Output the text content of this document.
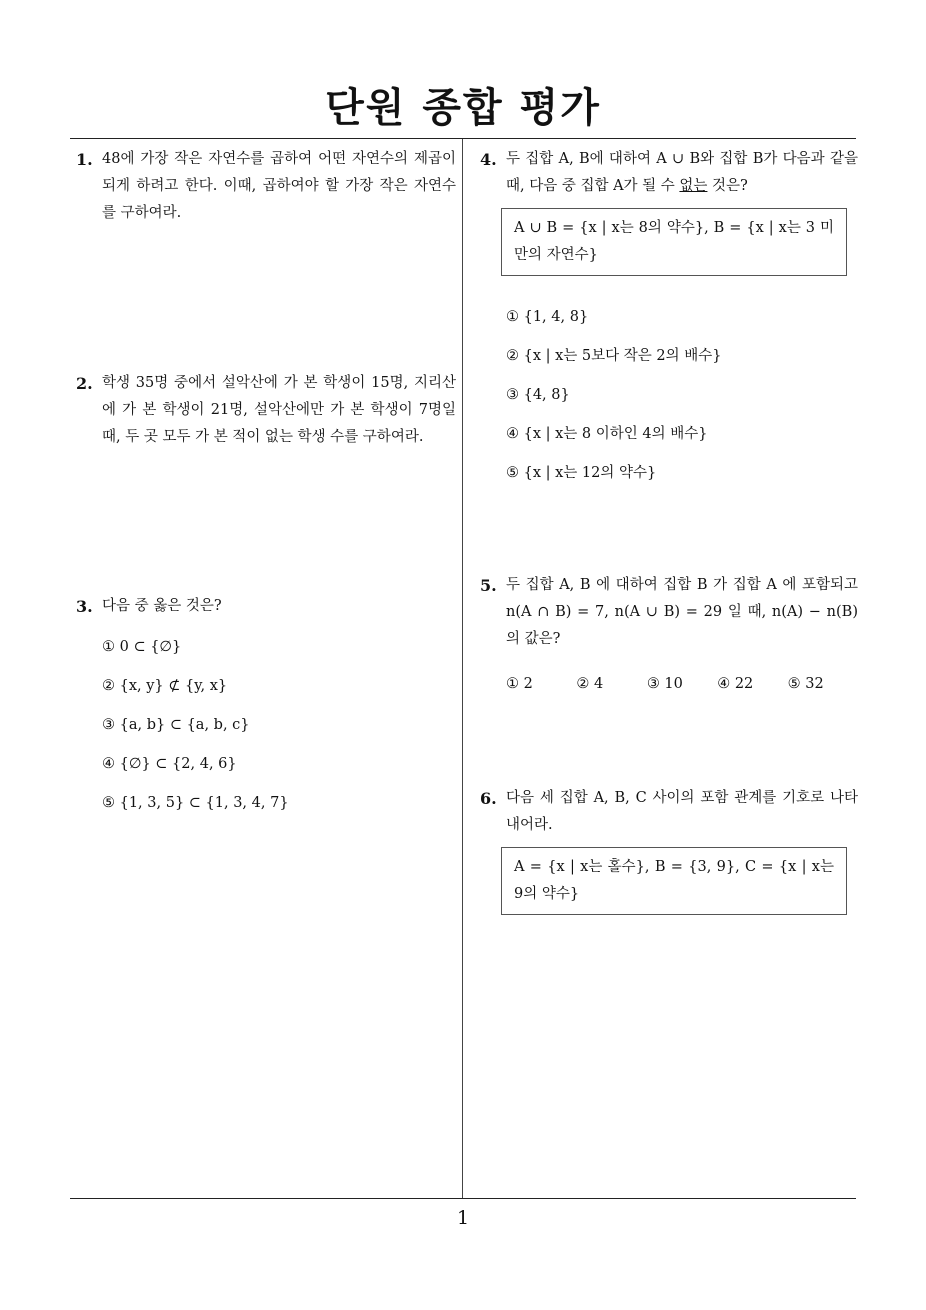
단원 종합 평가
1. 48에 가장 작은 자연수를 곱하여 어떤 자연수의 제곱이 되게 하려고 한다. 이때, 곱하여야 할 가장 작은 자연수를 구하여라.
2. 학생 35명 중에서 설악산에 가 본 학생이 15명, 지리산에 가 본 학생이 21명, 설악산에만 가 본 학생이 7명일 때, 두 곳 모두 가 본 적이 없는 학생 수를 구하여라.
3. 다음 중 옳은 것은?
① 0 ⊂ {∅}
② {x, y} ⊄ {y, x}
③ {a, b} ⊂ {a, b, c}
④ {∅} ⊂ {2, 4, 6}
⑤ {1, 3, 5} ⊂ {1, 3, 4, 7}
4. 두 집합 A, B에 대하여 A ∪ B와 집합 B가 다음과 같을 때, 다음 중 집합 A가 될 수 없는 것은?
A ∪ B = {x | x는 8의 약수}, B = {x | x는 3 미만의 자연수}
① {1, 4, 8}
② {x | x는 5보다 작은 2의 배수}
③ {4, 8}
④ {x | x는 8 이하인 4의 배수}
⑤ {x | x는 12의 약수}
5. 두 집합 A, B 에 대하여 집합 B 가 집합 A 에 포함되고 n(A ∩ B) = 7, n(A ∪ B) = 29 일 때, n(A) − n(B) 의 값은?
① 2	② 4	③ 10	④ 22	⑤ 32
6. 다음 세 집합 A, B, C 사이의 포함 관계를 기호로 나타내어라.
A = {x | x는 홀수}, B = {3, 9}, C = {x | x는 9의 약수}
1
